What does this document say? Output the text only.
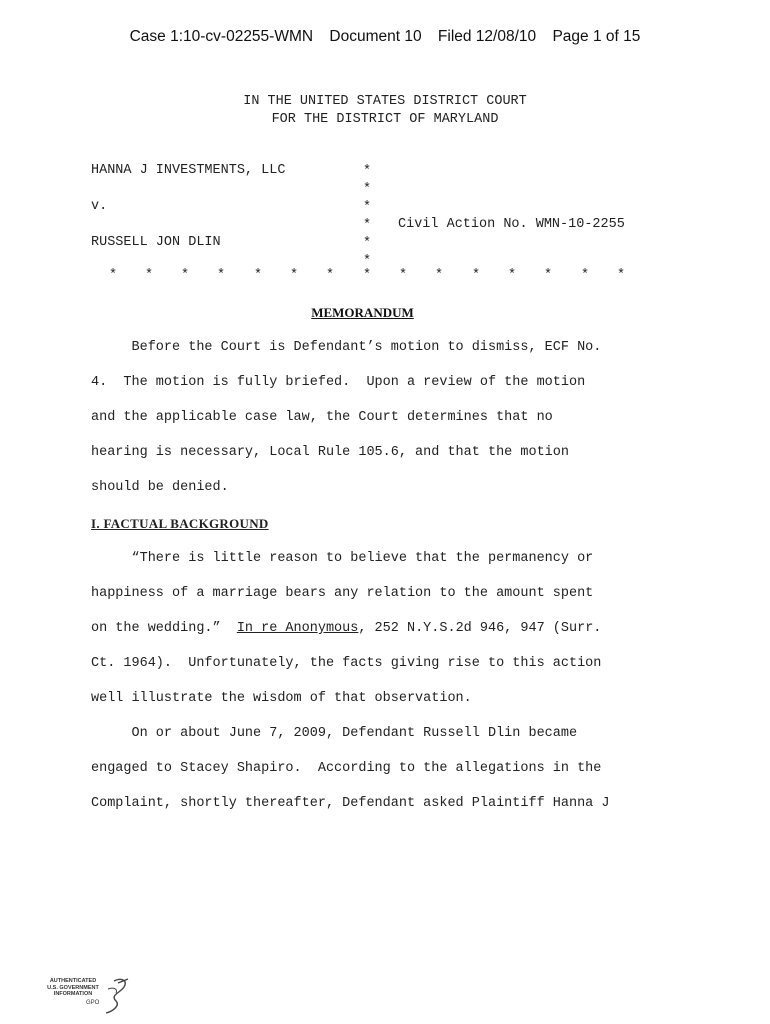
Case 1:10-cv-02255-WMN Document 10 Filed 12/08/10 Page 1 of 15
IN THE UNITED STATES DISTRICT COURT
FOR THE DISTRICT OF MARYLAND
HANNA J INVESTMENTS, LLC
v.
RUSSELL JON DLIN
*
*
*
*
*
*
Civil Action No. WMN-10-2255
* * * * * * * * * * * * * * *
MEMORANDUM
Before the Court is Defendant’s motion to dismiss, ECF No.
4.  The motion is fully briefed.  Upon a review of the motion
and the applicable case law, the Court determines that no
hearing is necessary, Local Rule 105.6, and that the motion
should be denied.
I. FACTUAL BACKGROUND
“There is little reason to believe that the permanency or
happiness of a marriage bears any relation to the amount spent
on the wedding.”  In re Anonymous, 252 N.Y.S.2d 946, 947 (Surr.
Ct. 1964).  Unfortunately, the facts giving rise to this action
well illustrate the wisdom of that observation.
On or about June 7, 2009, Defendant Russell Dlin became
engaged to Stacey Shapiro.  According to the allegations in the
Complaint, shortly thereafter, Defendant asked Plaintiff Hanna J
AUTHENTICATED
U.S. GOVERNMENT
INFORMATION
GPO
